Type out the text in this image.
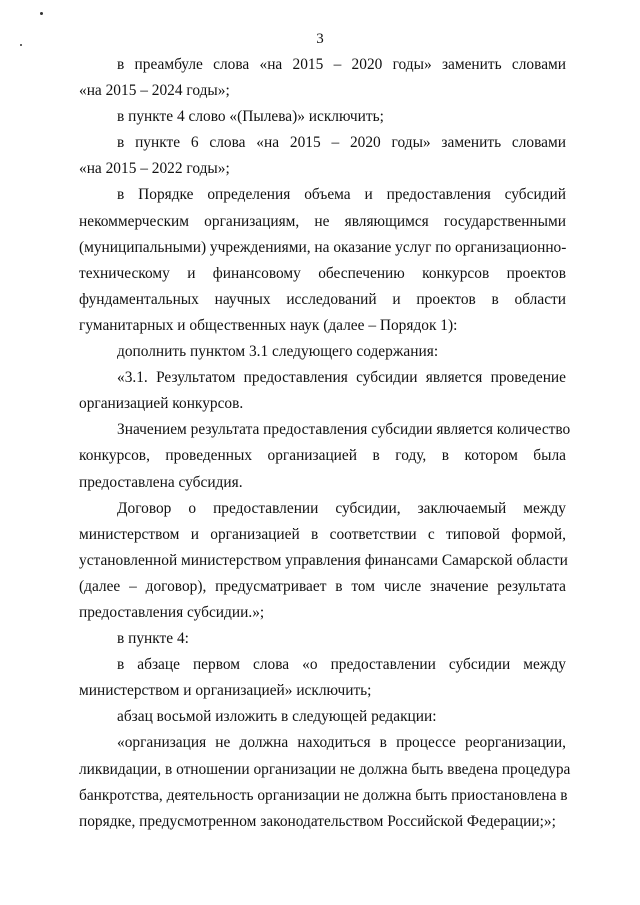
3
в преамбуле слова «на 2015 – 2020 годы» заменить словами
«на 2015 – 2024 годы»;
в пункте 4 слово «(Пылева)» исключить;
в пункте 6 слова «на 2015 – 2020 годы» заменить словами
«на 2015 – 2022 годы»;
в Порядке определения объема и предоставления субсидий
некоммерческим организациям, не являющимся государственными
(муниципальными) учреждениями, на оказание услуг по организационно-
техническому и финансовому обеспечению конкурсов проектов
фундаментальных научных исследований и проектов в области
гуманитарных и общественных наук (далее – Порядок 1):
дополнить пунктом 3.1 следующего содержания:
«3.1. Результатом предоставления субсидии является проведение
организацией конкурсов.
Значением результата предоставления субсидии является количество
конкурсов, проведенных организацией в году, в котором была
предоставлена субсидия.
Договор о предоставлении субсидии, заключаемый между
министерством и организацией в соответствии с типовой формой,
установленной министерством управления финансами Самарской области
(далее – договор), предусматривает в том числе значение результата
предоставления субсидии.»;
в пункте 4:
в абзаце первом слова «о предоставлении субсидии между
министерством и организацией» исключить;
абзац восьмой изложить в следующей редакции:
«организация не должна находиться в процессе реорганизации,
ликвидации, в отношении организации не должна быть введена процедура
банкротства, деятельность организации не должна быть приостановлена в
порядке, предусмотренном законодательством Российской Федерации;»;
